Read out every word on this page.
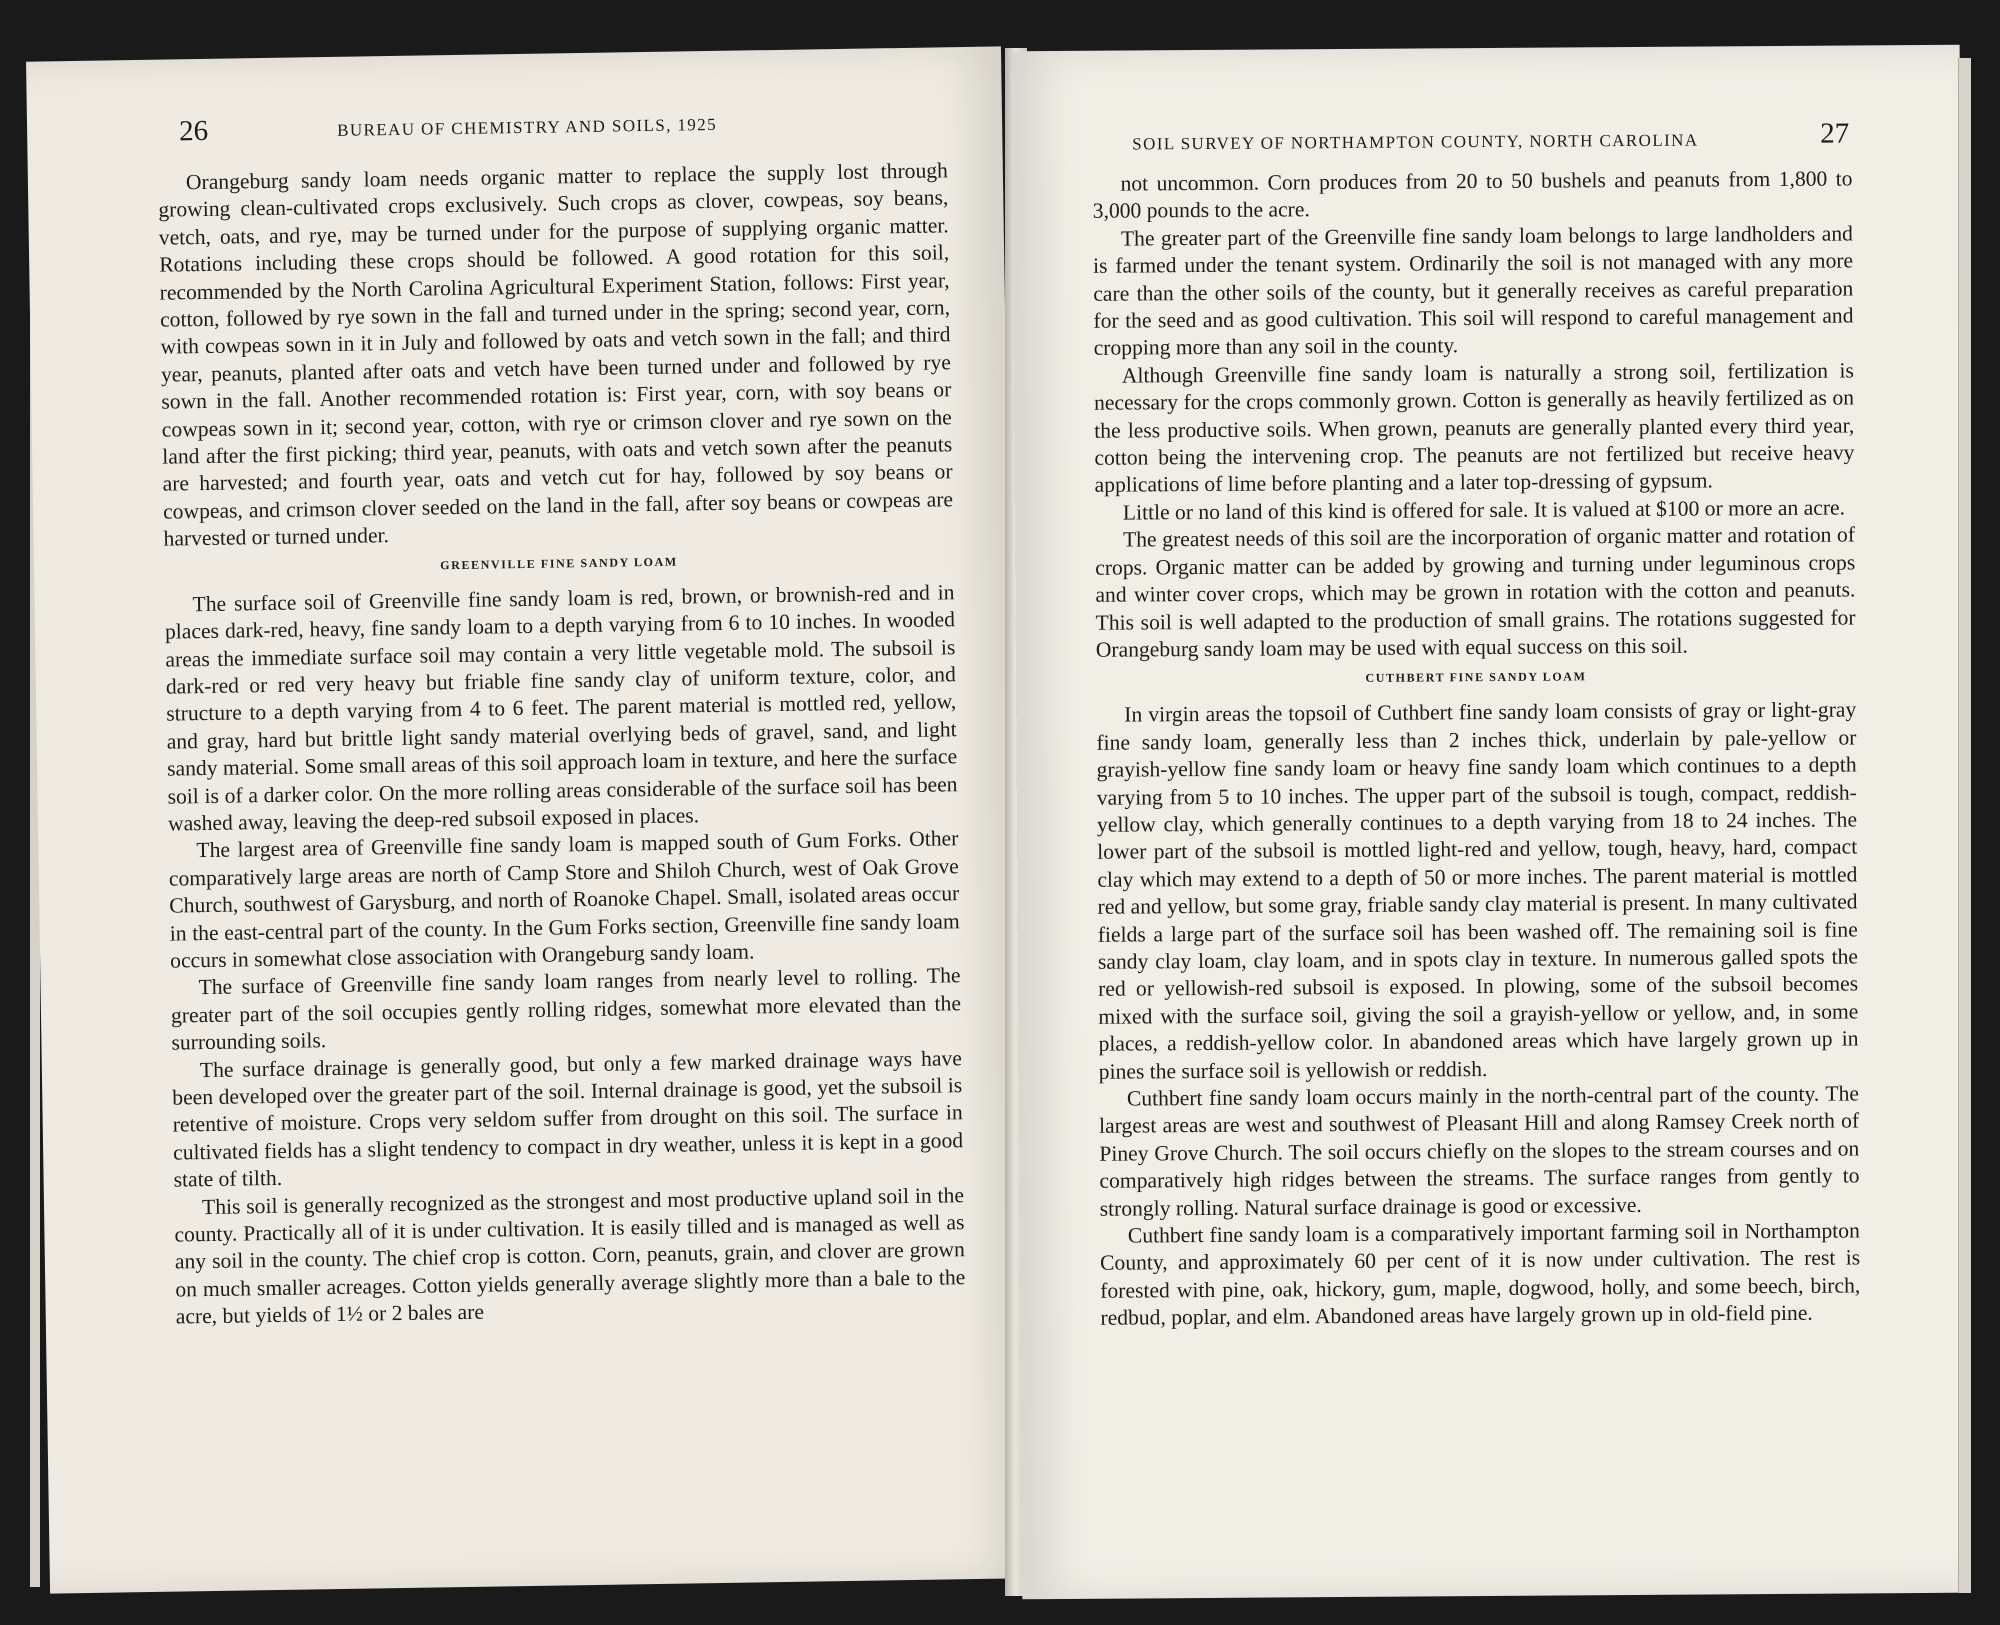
26	BUREAU OF CHEMISTRY AND SOILS, 1925

Orangeburg sandy loam needs organic matter to replace the supply lost through growing clean-cultivated crops exclusively. Such crops as clover, cowpeas, soy beans, vetch, oats, and rye, may be turned under for the purpose of supplying organic matter. Rotations including these crops should be followed. A good rotation for this soil, recommended by the North Carolina Agricultural Experiment Station, follows: First year, cotton, followed by rye sown in the fall and turned under in the spring; second year, corn, with cowpeas sown in it in July and followed by oats and vetch sown in the fall; and third year, peanuts, planted after oats and vetch have been turned under and followed by rye sown in the fall. Another recommended rotation is: First year, corn, with soy beans or cowpeas sown in it; second year, cotton, with rye or crimson clover and rye sown on the land after the first picking; third year, peanuts, with oats and vetch sown after the peanuts are harvested; and fourth year, oats and vetch cut for hay, followed by soy beans or cowpeas, and crimson clover seeded on the land in the fall, after soy beans or cowpeas are harvested or turned under.

GREENVILLE FINE SANDY LOAM

The surface soil of Greenville fine sandy loam is red, brown, or brownish-red and in places dark-red, heavy, fine sandy loam to a depth varying from 6 to 10 inches. In wooded areas the immediate surface soil may contain a very little vegetable mold. The subsoil is dark-red or red very heavy but friable fine sandy clay of uniform texture, color, and structure to a depth varying from 4 to 6 feet. The parent material is mottled red, yellow, and gray, hard but brittle light sandy material overlying beds of gravel, sand, and light sandy material. Some small areas of this soil approach loam in texture, and here the surface soil is of a darker color. On the more rolling areas considerable of the surface soil has been washed away, leaving the deep-red subsoil exposed in places.

The largest area of Greenville fine sandy loam is mapped south of Gum Forks. Other comparatively large areas are north of Camp Store and Shiloh Church, west of Oak Grove Church, southwest of Garysburg, and north of Roanoke Chapel. Small, isolated areas occur in the east-central part of the county. In the Gum Forks section, Greenville fine sandy loam occurs in somewhat close association with Orangeburg sandy loam.

The surface of Greenville fine sandy loam ranges from nearly level to rolling. The greater part of the soil occupies gently rolling ridges, somewhat more elevated than the surrounding soils.

The surface drainage is generally good, but only a few marked drainage ways have been developed over the greater part of the soil. Internal drainage is good, yet the subsoil is retentive of moisture. Crops very seldom suffer from drought on this soil. The surface in cultivated fields has a slight tendency to compact in dry weather, unless it is kept in a good state of tilth.

This soil is generally recognized as the strongest and most productive upland soil in the county. Practically all of it is under cultivation. It is easily tilled and is managed as well as any soil in the county. The chief crop is cotton. Corn, peanuts, grain, and clover are grown on much smaller acreages. Cotton yields generally average slightly more than a bale to the acre, but yields of 1½ or 2 bales are

SOIL SURVEY OF NORTHAMPTON COUNTY, NORTH CAROLINA	27

not uncommon. Corn produces from 20 to 50 bushels and peanuts from 1,800 to 3,000 pounds to the acre.

The greater part of the Greenville fine sandy loam belongs to large landholders and is farmed under the tenant system. Ordinarily the soil is not managed with any more care than the other soils of the county, but it generally receives as careful preparation for the seed and as good cultivation. This soil will respond to careful management and cropping more than any soil in the county.

Although Greenville fine sandy loam is naturally a strong soil, fertilization is necessary for the crops commonly grown. Cotton is generally as heavily fertilized as on the less productive soils. When grown, peanuts are generally planted every third year, cotton being the intervening crop. The peanuts are not fertilized but receive heavy applications of lime before planting and a later top-dressing of gypsum.

Little or no land of this kind is offered for sale. It is valued at $100 or more an acre.

The greatest needs of this soil are the incorporation of organic matter and rotation of crops. Organic matter can be added by growing and turning under leguminous crops and winter cover crops, which may be grown in rotation with the cotton and peanuts. This soil is well adapted to the production of small grains. The rotations suggested for Orangeburg sandy loam may be used with equal success on this soil.

CUTHBERT FINE SANDY LOAM

In virgin areas the topsoil of Cuthbert fine sandy loam consists of gray or light-gray fine sandy loam, generally less than 2 inches thick, underlain by pale-yellow or grayish-yellow fine sandy loam or heavy fine sandy loam which continues to a depth varying from 5 to 10 inches. The upper part of the subsoil is tough, compact, reddish-yellow clay, which generally continues to a depth varying from 18 to 24 inches. The lower part of the subsoil is mottled light-red and yellow, tough, heavy, hard, compact clay which may extend to a depth of 50 or more inches. The parent material is mottled red and yellow, but some gray, friable sandy clay material is present. In many cultivated fields a large part of the surface soil has been washed off. The remaining soil is fine sandy clay loam, clay loam, and in spots clay in texture. In numerous galled spots the red or yellowish-red subsoil is exposed. In plowing, some of the subsoil becomes mixed with the surface soil, giving the soil a grayish-yellow or yellow, and, in some places, a reddish-yellow color. In abandoned areas which have largely grown up in pines the surface soil is yellowish or reddish.

Cuthbert fine sandy loam occurs mainly in the north-central part of the county. The largest areas are west and southwest of Pleasant Hill and along Ramsey Creek north of Piney Grove Church. The soil occurs chiefly on the slopes to the stream courses and on comparatively high ridges between the streams. The surface ranges from gently to strongly rolling. Natural surface drainage is good or excessive.

Cuthbert fine sandy loam is a comparatively important farming soil in Northampton County, and approximately 60 per cent of it is now under cultivation. The rest is forested with pine, oak, hickory, gum, maple, dogwood, holly, and some beech, birch, redbud, poplar, and elm. Abandoned areas have largely grown up in old-field pine.
